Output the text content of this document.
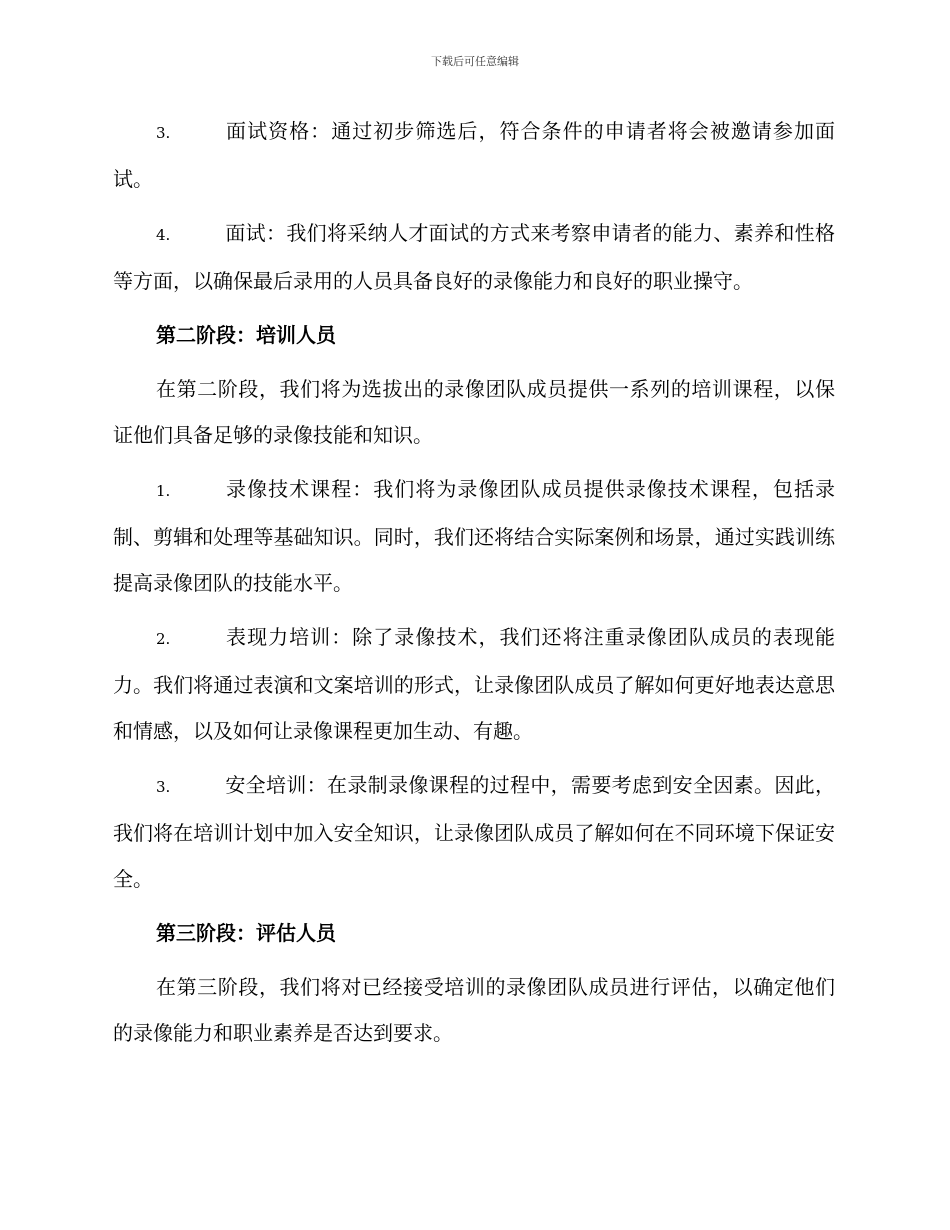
下载后可任意编辑
3.	面试资格：通过初步筛选后，符合条件的申请者将会被邀请参加面试。
4.	面试：我们将采纳人才面试的方式来考察申请者的能力、素养和性格等方面，以确保最后录用的人员具备良好的录像能力和良好的职业操守。
第二阶段：培训人员
在第二阶段，我们将为选拔出的录像团队成员提供一系列的培训课程，以保证他们具备足够的录像技能和知识。
1.	录像技术课程：我们将为录像团队成员提供录像技术课程，包括录制、剪辑和处理等基础知识。同时，我们还将结合实际案例和场景，通过实践训练提高录像团队的技能水平。
2.	表现力培训：除了录像技术，我们还将注重录像团队成员的表现能力。我们将通过表演和文案培训的形式，让录像团队成员了解如何更好地表达意思和情感，以及如何让录像课程更加生动、有趣。
3.	安全培训：在录制录像课程的过程中，需要考虑到安全因素。因此，我们将在培训计划中加入安全知识，让录像团队成员了解如何在不同环境下保证安全。
第三阶段：评估人员
在第三阶段，我们将对已经接受培训的录像团队成员进行评估，以确定他们的录像能力和职业素养是否达到要求。
